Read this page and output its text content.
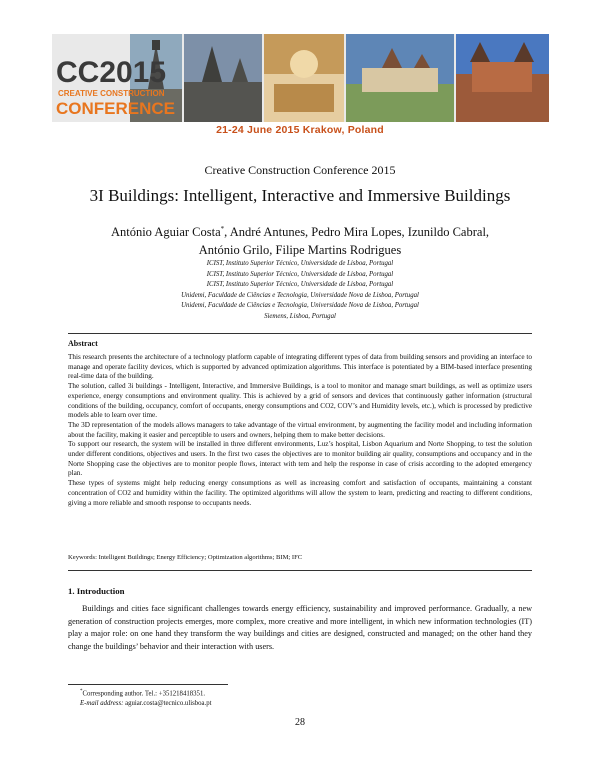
CC2015
CREATIVE CONSTRUCTION
CONFERENCE
21-24 June 2015 Krakow, Poland
Creative Construction Conference 2015
3I Buildings: Intelligent, Interactive and Immersive Buildings
António Aguiar Costa*, André Antunes, Pedro Mira Lopes, Izunildo Cabral,
António Grilo, Filipe Martins Rodrigues
ICIST, Instituto Superior Técnico, Universidade de Lisboa, Portugal
ICIST, Instituto Superior Técnico, Universidade de Lisboa, Portugal
ICIST, Instituto Superior Técnico, Universidade de Lisboa, Portugal
Unidemi, Faculdade de Ciências e Tecnologia, Universidade Nova de Lisboa, Portugal
Unidemi, Faculdade de Ciências e Tecnologia, Universidade Nova de Lisboa, Portugal
Siemens, Lisboa, Portugal
Abstract

This research presents the architecture of a technology platform capable of integrating different types of data from building sensors and providing an interface to manage and operate facility devices, which is supported by advanced optimization algorithms. This interface is potentiated by a BIM-based interface presenting real-time data of the building.

The solution, called 3i buildings - Intelligent, Interactive, and Immersive Buildings, is a tool to monitor and manage smart buildings, as well as optimize users experience, energy consumptions and environment quality. This is achieved by a grid of sensors and devices that continuously gather information (structural conditions of the building, occupancy, comfort of occupants, energy consumptions and CO2, COV’s and Humidity levels, etc.), which is processed by predictive models able to learn over time.

The 3D representation of the models allows managers to take advantage of the virtual environment, by augmenting the facility model and including information about the facility, making it easier and perceptible to users and owners, helping them to make better decisions.

To support our research, the system will be installed in three different environments, Luz’s hospital, Lisbon Aquarium and Norte Shopping, to test the solution under different conditions, objectives and users. In the first two cases the objectives are to monitor building air quality, consumptions and occupancy and in the Norte Shopping case the objectives are to monitor people flows, interact with tem and help the response in case of crisis according to the adopted emergency plan.

These types of systems might help reducing energy consumptions as well as increasing comfort and satisfaction of occupants, maintaining a constant concentration of CO2 and humidity within the facility. The optimized algorithms will allow the system to learn, predicting and reacting to different conditions, giving a more reliable and smooth response to occupants needs.

Keywords: Intelligent Buildings; Energy Efficiency; Optimization algorithms; BIM; IFC
1. Introduction

Buildings and cities face significant challenges towards energy efficiency, sustainability and improved performance. Gradually, a new generation of construction projects emerges, more complex, more creative and more intelligent, in which new information technologies (IT) play a major role: on one hand they transform the way buildings and cities are designed, constructed and managed; on the other hand they change the buildings’ behavior and their interaction with users.

*Corresponding author. Tel.: +351218418351.
E-mail address: aguiar.costa@tecnico.ulisboa.pt
28
